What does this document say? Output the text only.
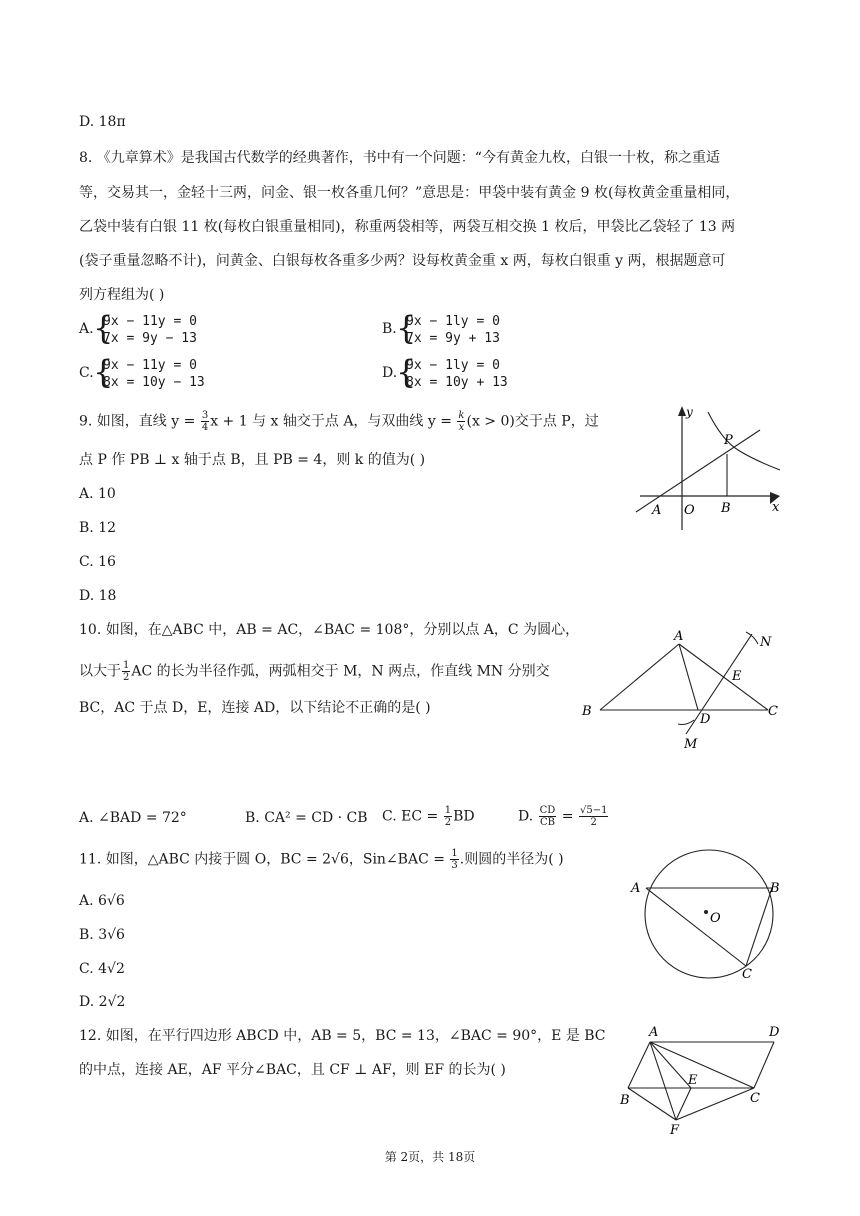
D. 18π
8. 《九章算术》是我国古代数学的经典著作，书中有一个问题：“今有黄金九枚，白银一十枚，称之重适
等，交易其一，金轻十三两，问金、银一枚各重几何？”意思是：甲袋中装有黄金 9 枚(每枚黄金重量相同，
乙袋中装有白银 11 枚(每枚白银重量相同)，称重两袋相等，两袋互相交换 1 枚后，甲袋比乙袋轻了 13 两
(袋子重量忽略不计)，问黄金、白银每枚各重多少两？设每枚黄金重 x 两，每枚白银重 y 两，根据题意可
列方程组为( )
A. {
9x − 11y = 0
7x = 9y − 13
B. {
9x − 1ly = 0
7x = 9y + 13
C. {
9x − 11y = 0
8x = 10y − 13
D.
{
9x − 1ly = 0
8x = 10y + 13
9. 如图，直线 $y = \frac{3}{4}$ x + 1 与 x 轴交于点 A，与双曲线 $y = \frac{k}{x} (x > 0)$交于点 P，过
点 P 作 PB ⊥ x 轴于点 B，且 PB = 4，则 k 的值为( )
A. 10
B. 12
C. 16
D. 18
y
x
P
A O B
10. 如图，在△ABC 中，AB = AC，∠BAC = 108°，分别以点 A，C 为圆心，
以大于 $\frac{1}{2}$ AC 的长为半径作弧，两弧相交于 M，N 两点，作直线 MN 分别交
BC，AC 于点 D，E，连接 AD，以下结论不正确的是( )
A. ∠BAD = 72°	B. CA² = CD · CB C. EC = $\frac{1}{2}$ BD	D. $\frac{CD}{CB} = \frac{√5-1}{2}$
A	N
E
B
D
C
M
11. 如图，△ABC 内接于圆 O，BC = 2√6，Sin∠BAC = $\frac{1}{3}$ .则圆的半径为( )
A. 6√6
B. 3√6
C. 4√2
D. 2√2
A	B
O
C
12. 如图，在平行四边形 ABCD 中，AB = 5，BC = 13，∠BAC = 90°，E 是 BC
的中点，连接 AE，AF 平分∠BAC，且 CF ⊥ AF，则 EF 的长为( )
A	D
E
B	C
F
第 2页，共 18页
